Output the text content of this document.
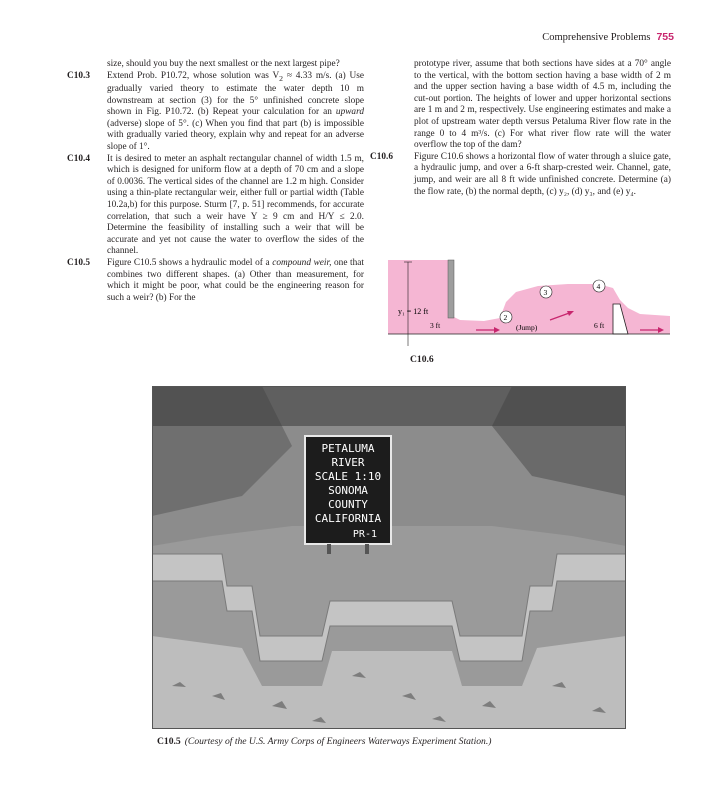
Comprehensive Problems 755

size, should you buy the next smallest or the next largest pipe?

C10.3 Extend Prob. P10.72, whose solution was $V_2 \approx 4.33$ m/s. (a) Use gradually varied theory to estimate the water depth 10 m downstream at section (3) for the 5° unfinished concrete slope shown in Fig. P10.72. (b) Repeat your calculation for an upward (adverse) slope of 5°. (c) When you find that part (b) is impossible with gradually varied theory, explain why and repeat for an adverse slope of 1°.

C10.4 It is desired to meter an asphalt rectangular channel of width 1.5 m, which is designed for uniform flow at a depth of 70 cm and a slope of 0.0036. The vertical sides of the channel are 1.2 m high. Consider using a thin-plate rectangular weir, either full or partial width (Table 10.2a,b) for this purpose. Sturm [7, p. 51] recommends, for accurate correlation, that such a weir have Y ≥ 9 cm and H/Y ≤ 2.0. Determine the feasibility of installing such a weir that will be accurate and yet not cause the water to overflow the sides of the channel.

C10.5 Figure C10.5 shows a hydraulic model of a compound weir, one that combines two different shapes. (a) Other than measurement, for which it might be poor, what could be the engineering reason for such a weir? (b) For the

prototype river, assume that both sections have sides at a 70° angle to the vertical, with the bottom section having a base width of 2 m and the upper section having a base width of 4.5 m, including the cut-out portion. The heights of lower and upper horizontal sections are 1 m and 2 m, respectively. Use engineering estimates and make a plot of upstream water depth versus Petaluma River flow rate in the range 0 to 4 m³/s. (c) For what river flow rate will the water overflow the top of the dam?

C10.6 Figure C10.6 shows a horizontal flow of water through a sluice gate, a hydraulic jump, and over a 6-ft sharp-crested weir. Channel, gate, jump, and weir are all 8 ft wide unfinished concrete. Determine (a) the flow rate, (b) the normal depth, (c) y₂, (d) y₃, and (e) y₄.

y₁ = 12 ft
3 ft
2
3
4
(Jump)	6 ft
C10.6
PETALUMA
RIVER
SCALE 1:10
SONOMA
COUNTY
CALIFORNIA
PR-1
C10.5 (Courtesy of the U.S. Army Corps of Engineers Waterways Experiment Station.)
